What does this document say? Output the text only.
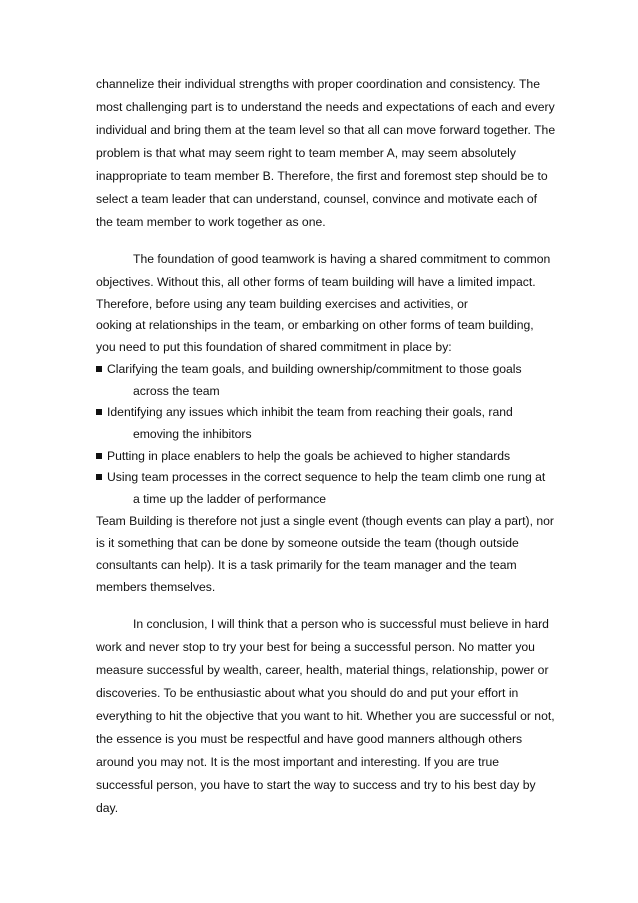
channelize their individual strengths with proper coordination and consistency. The
most challenging part is to understand the needs and expectations of each and every
individual and bring them at the team level so that all can move forward together. The
problem is that what may seem right to team member A, may seem absolutely
inappropriate to team member B. Therefore, the first and foremost step should be to
select a team leader that can understand, counsel, convince and motivate each of
the team member to work together as one.
The foundation of good teamwork is having a shared commitment to common
objectives. Without this, all other forms of team building will have a limited impact.
Therefore, before using any team building exercises and activities, or
ooking at relationships in the team, or embarking on other forms of team building,
you need to put this foundation of shared commitment in place by:
Clarifying the team goals, and building ownership/commitment to those goals
across the team
Identifying any issues which inhibit the team from reaching their goals, rand
emoving the inhibitors
Putting in place enablers to help the goals be achieved to higher standards
Using team processes in the correct sequence to help the team climb one rung at
a time up the ladder of performance
Team Building is therefore not just a single event (though events can play a part), nor
is it something that can be done by someone outside the team (though outside
consultants can help). It is a task primarily for the team manager and the team
members themselves.
In conclusion, I will think that a person who is successful must believe in hard
work and never stop to try your best for being a successful person. No matter you
measure successful by wealth, career, health, material things, relationship, power or
discoveries. To be enthusiastic about what you should do and put your effort in
everything to hit the objective that you want to hit. Whether you are successful or not,
the essence is you must be respectful and have good manners although others
around you may not. It is the most important and interesting. If you are true
successful person, you have to start the way to success and try to his best day by
day.
